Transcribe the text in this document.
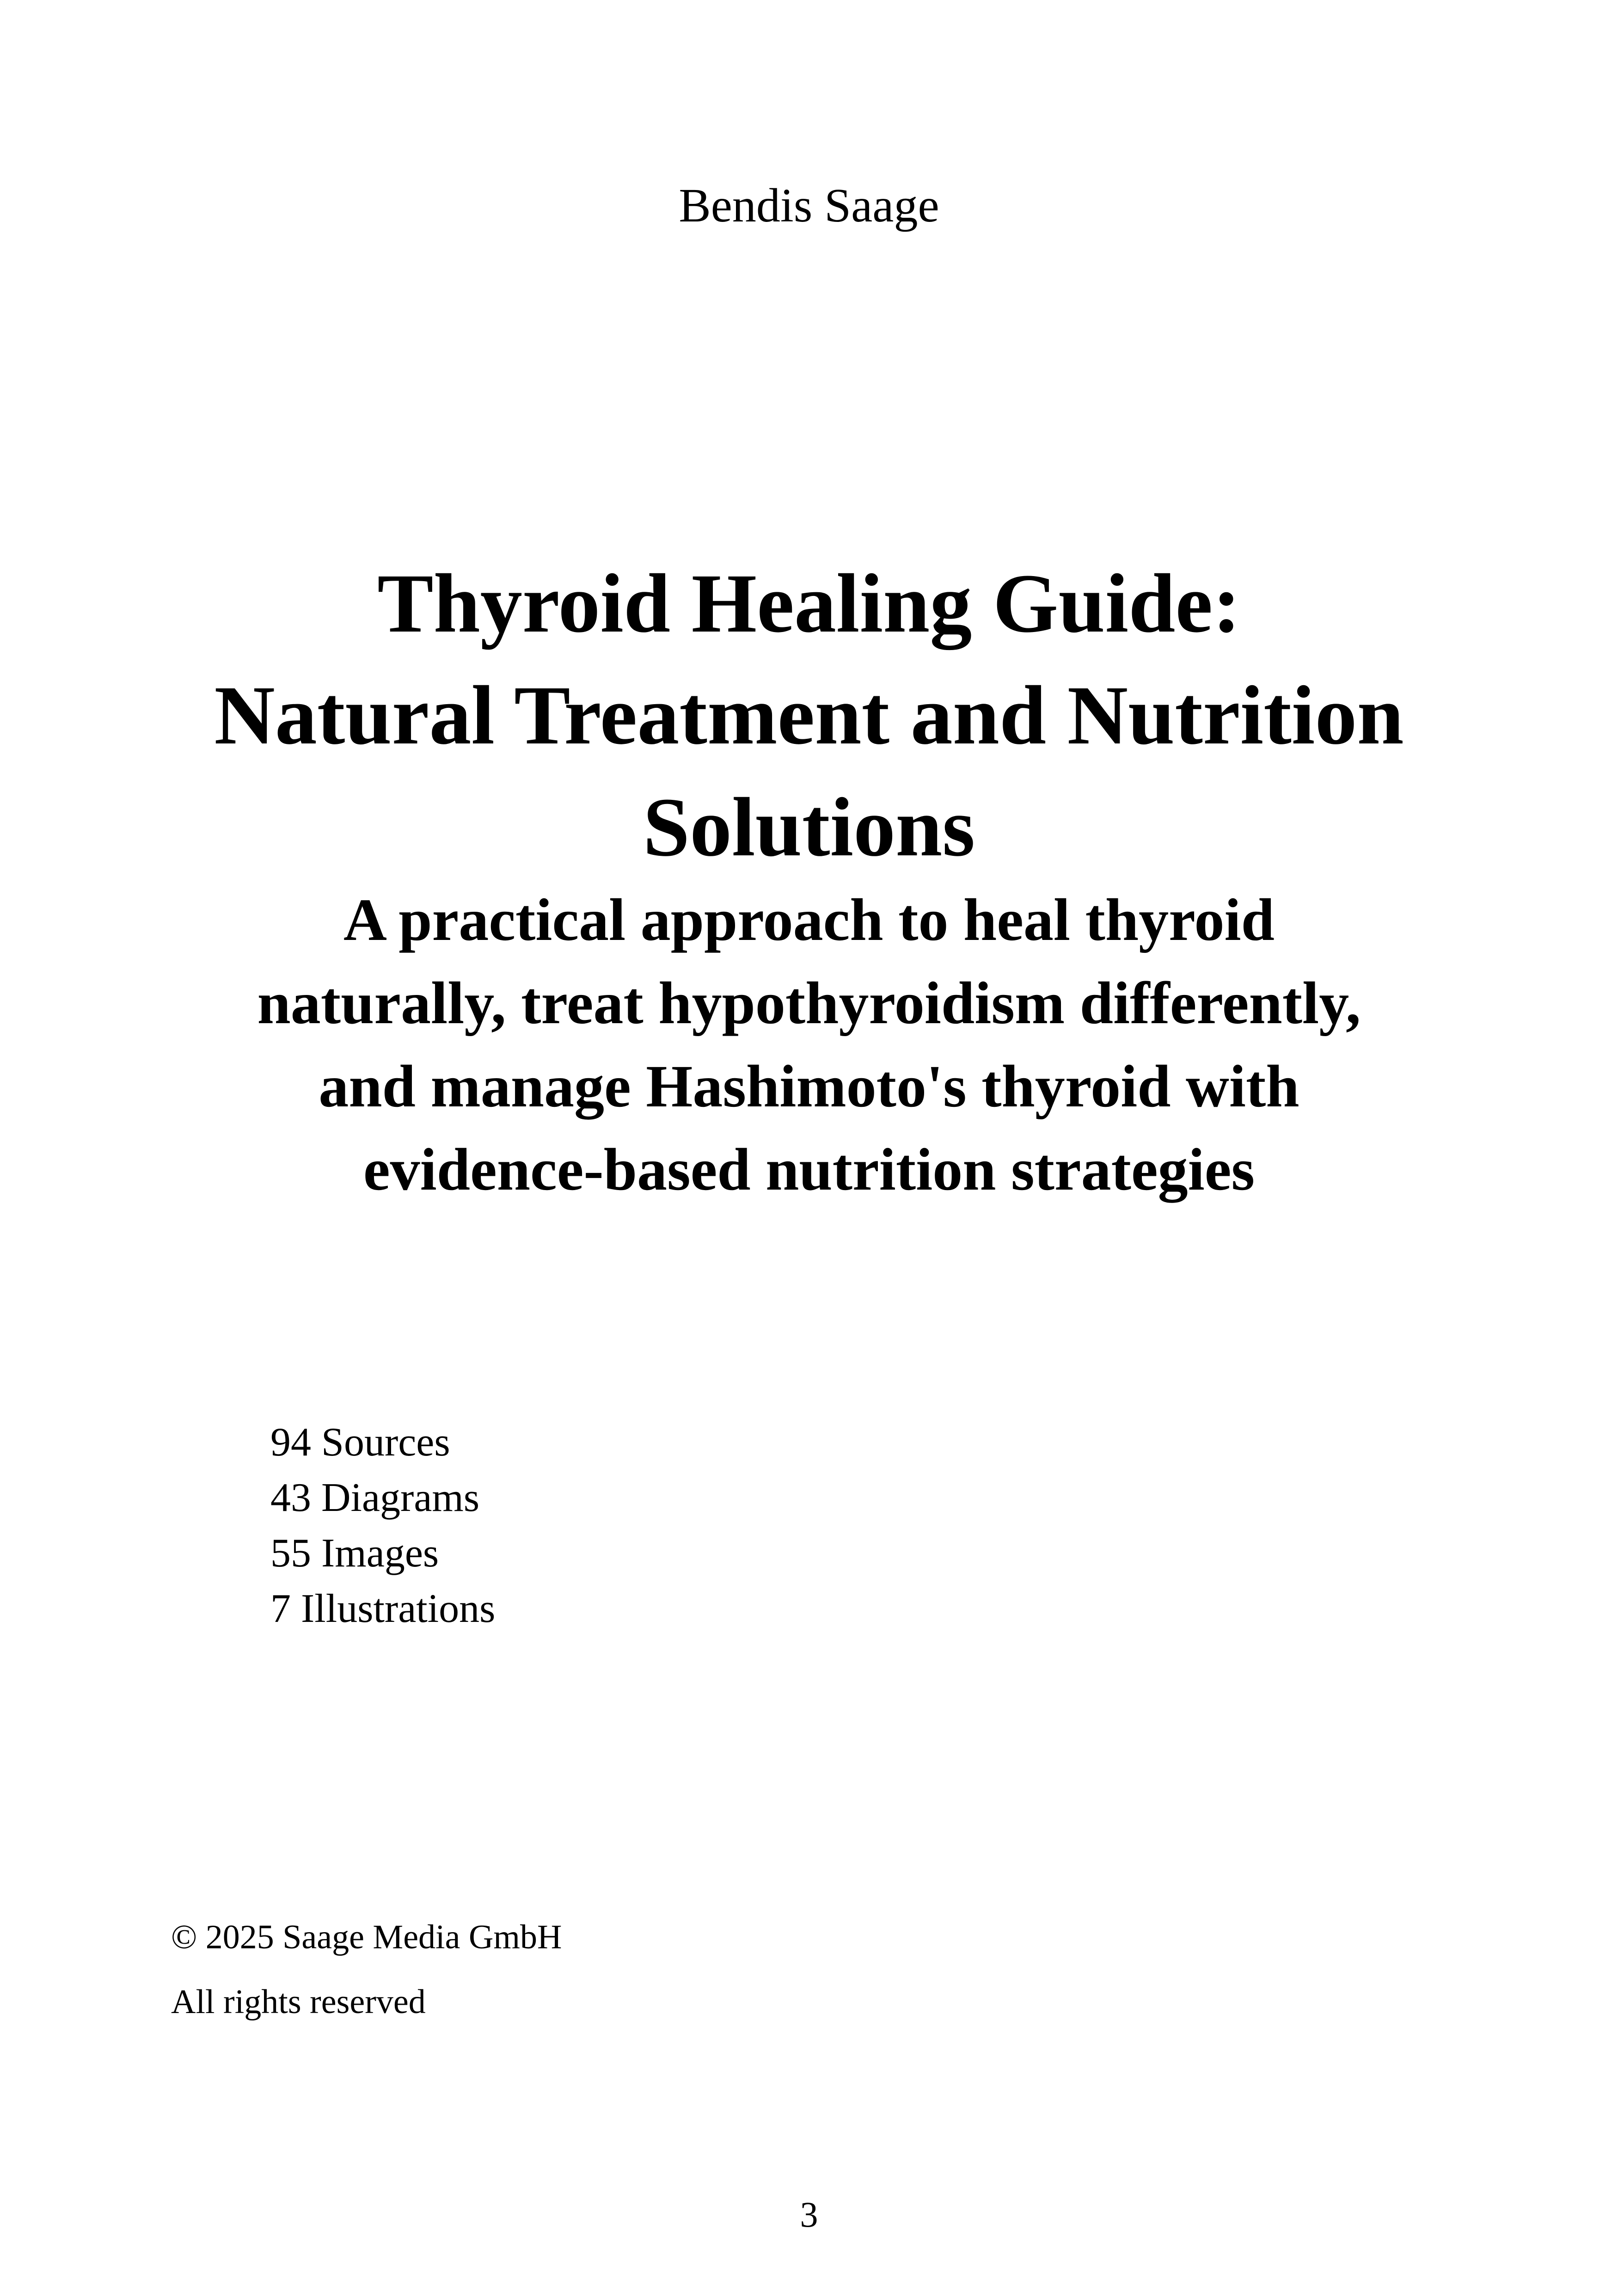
Bendis Saage
Thyroid Healing Guide:
Natural Treatment and Nutrition
Solutions
A practical approach to heal thyroid
naturally, treat hypothyroidism differently,
and manage Hashimoto's thyroid with
evidence-based nutrition strategies
94 Sources
43 Diagrams
55 Images
7 Illustrations
© 2025 Saage Media GmbH
All rights reserved
3
